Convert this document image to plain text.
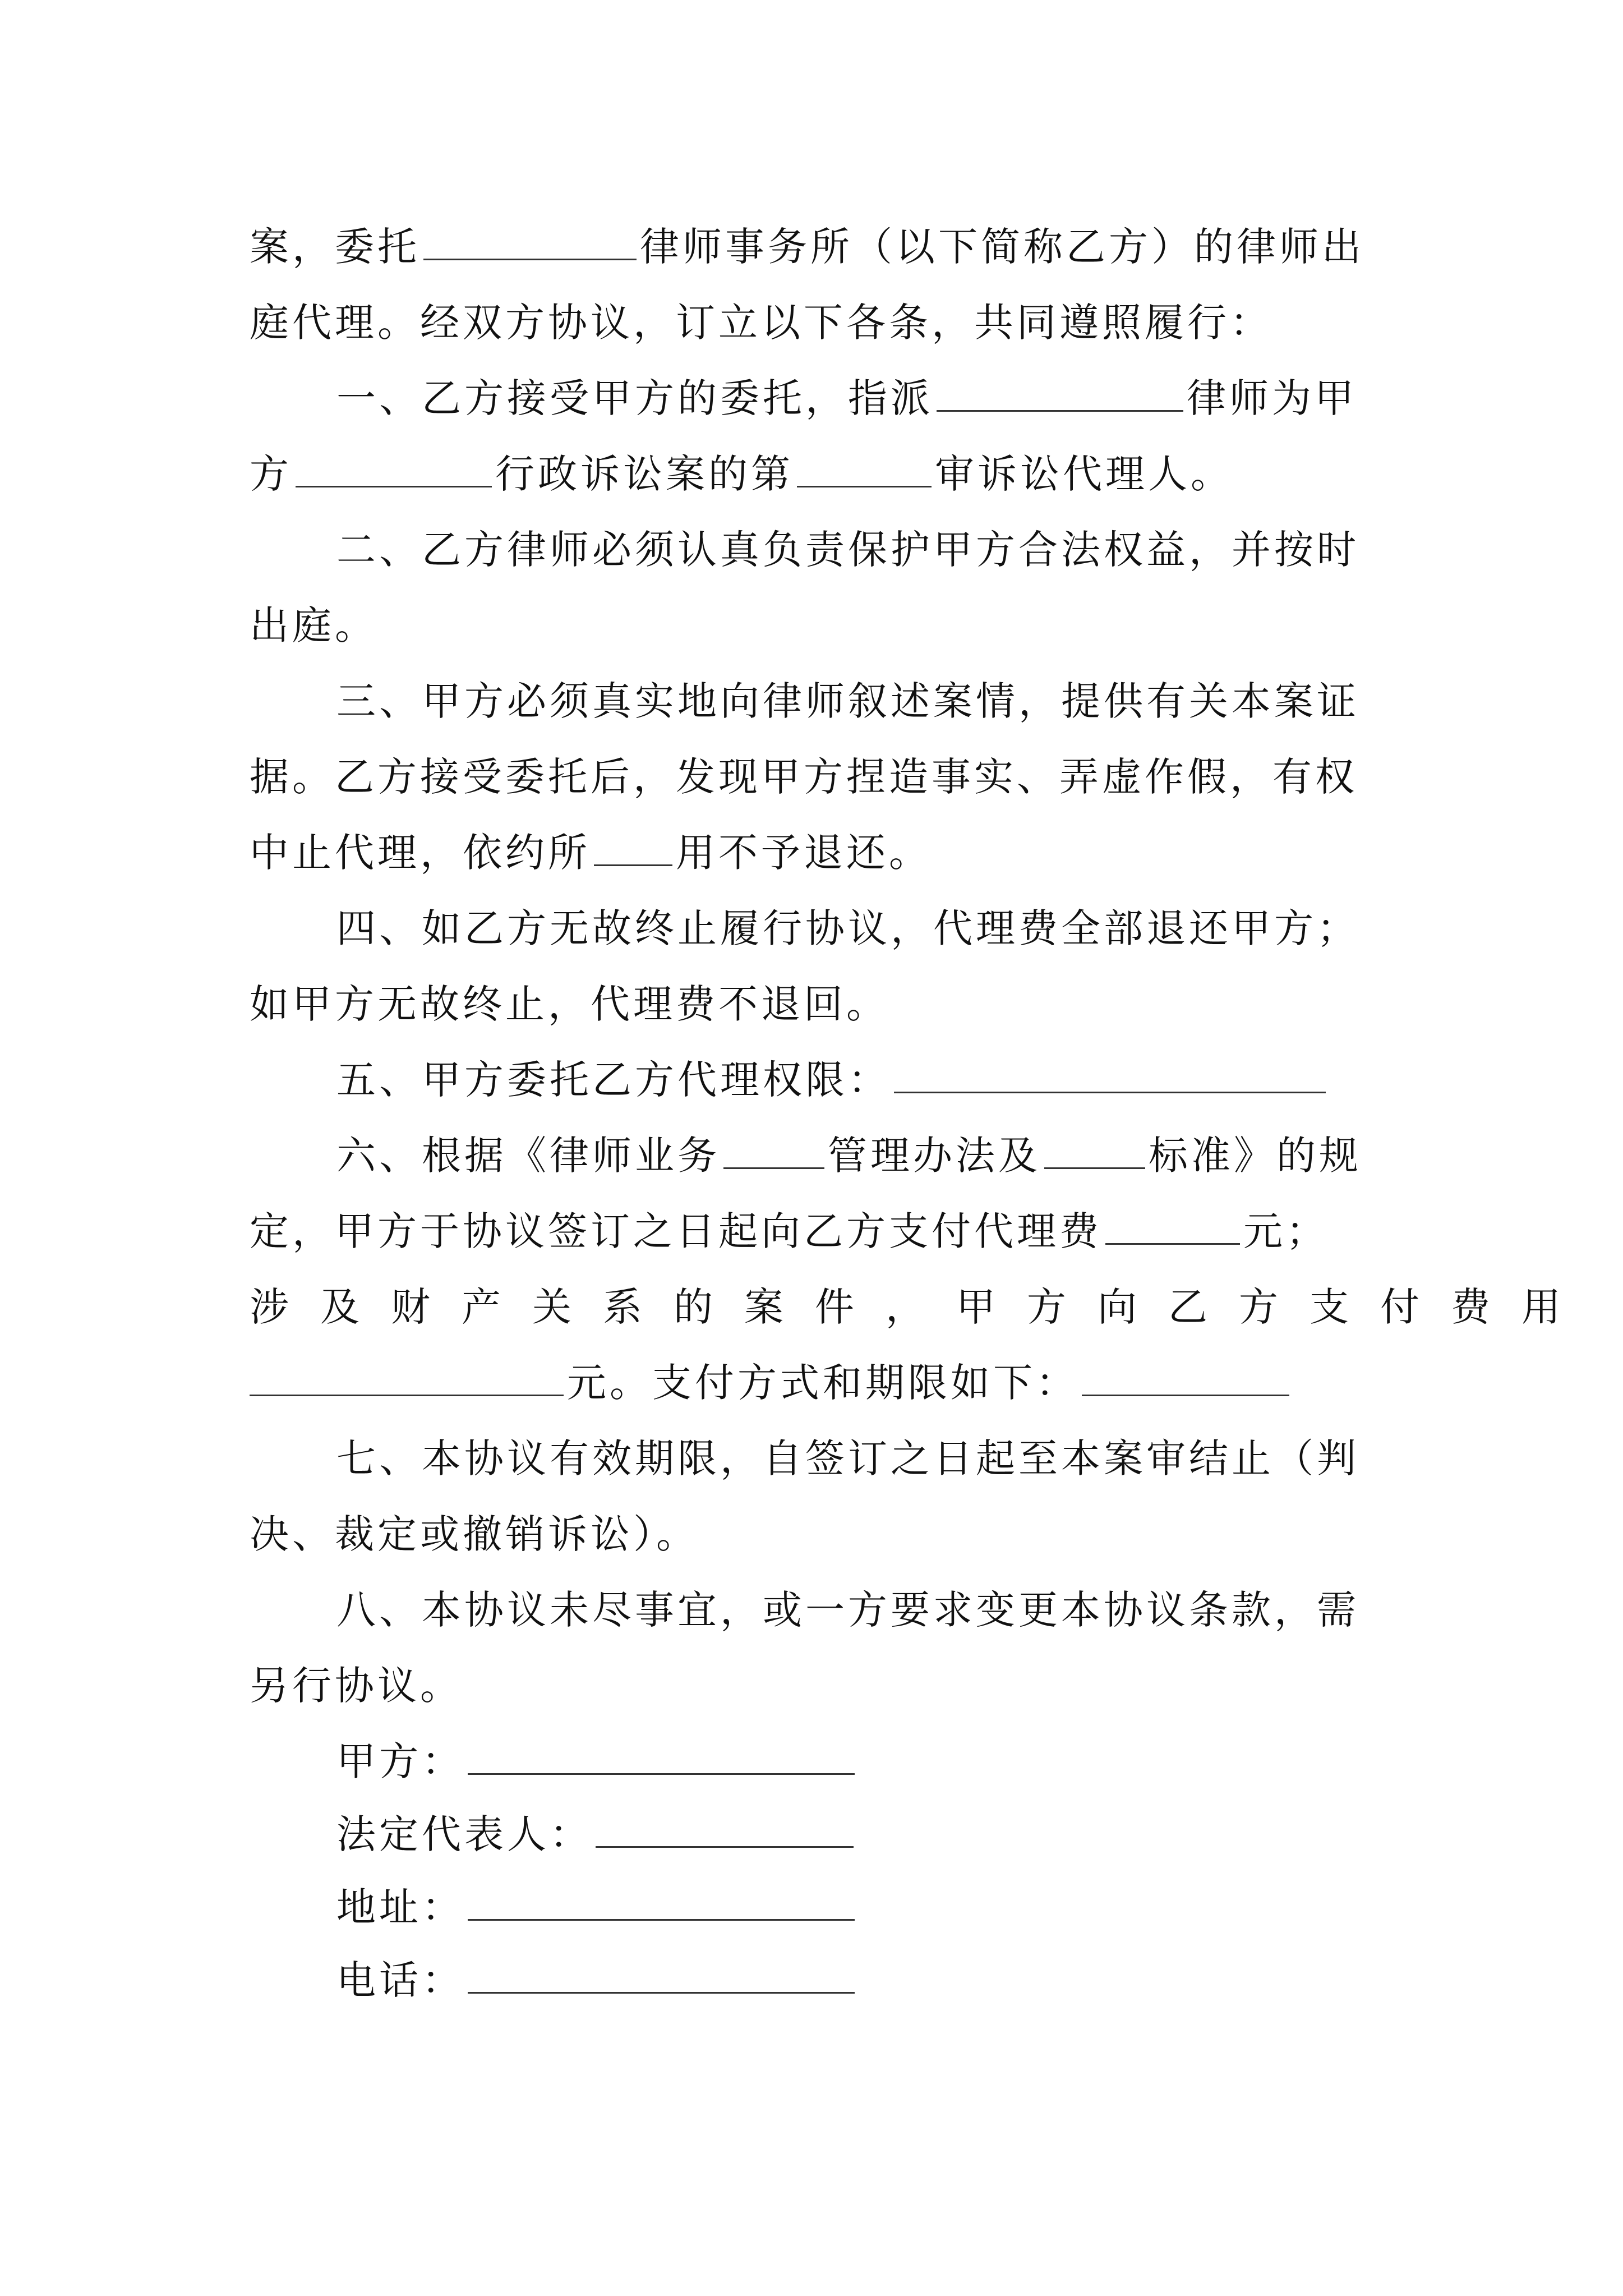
案，委托	律师事务所（以下简称乙方）的律师出
庭代理。经双方协议，订立以下各条，共同遵照履行：
一、乙方接受甲方的委托，指派	律师为甲
方	行政诉讼案的第	审诉讼代理人。
二、乙方律师必须认真负责保护甲方合法权益，并按时
出庭。
三、甲方必须真实地向律师叙述案情，提供有关本案证
据。乙方接受委托后，发现甲方捏造事实、弄虚作假，有权
中止代理，依约所 用不予退还。
四、如乙方无故终止履行协议，代理费全部退还甲方；
如甲方无故终止，代理费不退回。
五、甲方委托乙方代理权限：
六、根据《律师业务	管理办法及	标准》的规
定，甲方于协议签订之日起向乙方支付代理费	元；
涉及财产关系的案件，甲方向乙方支付费用
元。支付方式和期限如下：
七、本协议有效期限，自签订之日起至本案审结止（判
决、裁定或撤销诉讼）。
八、本协议未尽事宜，或一方要求变更本协议条款，需
另行协议。
甲方：
法定代表人：
地址：
电话：
